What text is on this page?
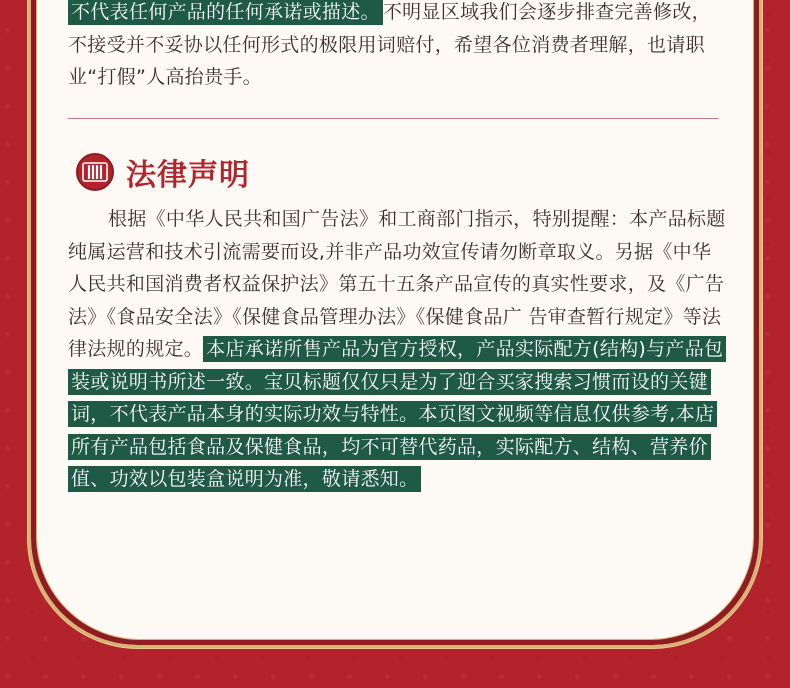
不代表任何产品的任何承诺或描述。 不明显区域我们会逐步排查完善修改，不接受并不妥协以任何形式的极限用词赔付，希望各位消费者理解，也请职业“打假”人高抬贵手。

法律声明

根据《中华人民共和国广告法》和工商部门指示，特别提醒：本产品标题纯属运营和技术引流需要而设,并非产品功效宣传请勿断章取义。另据《中华人民共和国消费者权益保护法》第五十五条产品宣传的真实性要求，及《广告法》《食品安全法》《保健食品管理办法》《保健食品广 告审查暂行规定》等法律法规的规定。 本店承诺所售产品为官方授权，产品实际配方(结构)与产品包装或说明书所述一致。宝贝标题仅仅只是为了迎合买家搜索习惯而设的关键词，不代表产品本身的实际功效与特性。本页图文视频等信息仅供参考,本店所有产品包括食品及保健食品，均不可替代药品，实际配方、结构、营养价值、功效以包装盒说明为准，敬请悉知。
